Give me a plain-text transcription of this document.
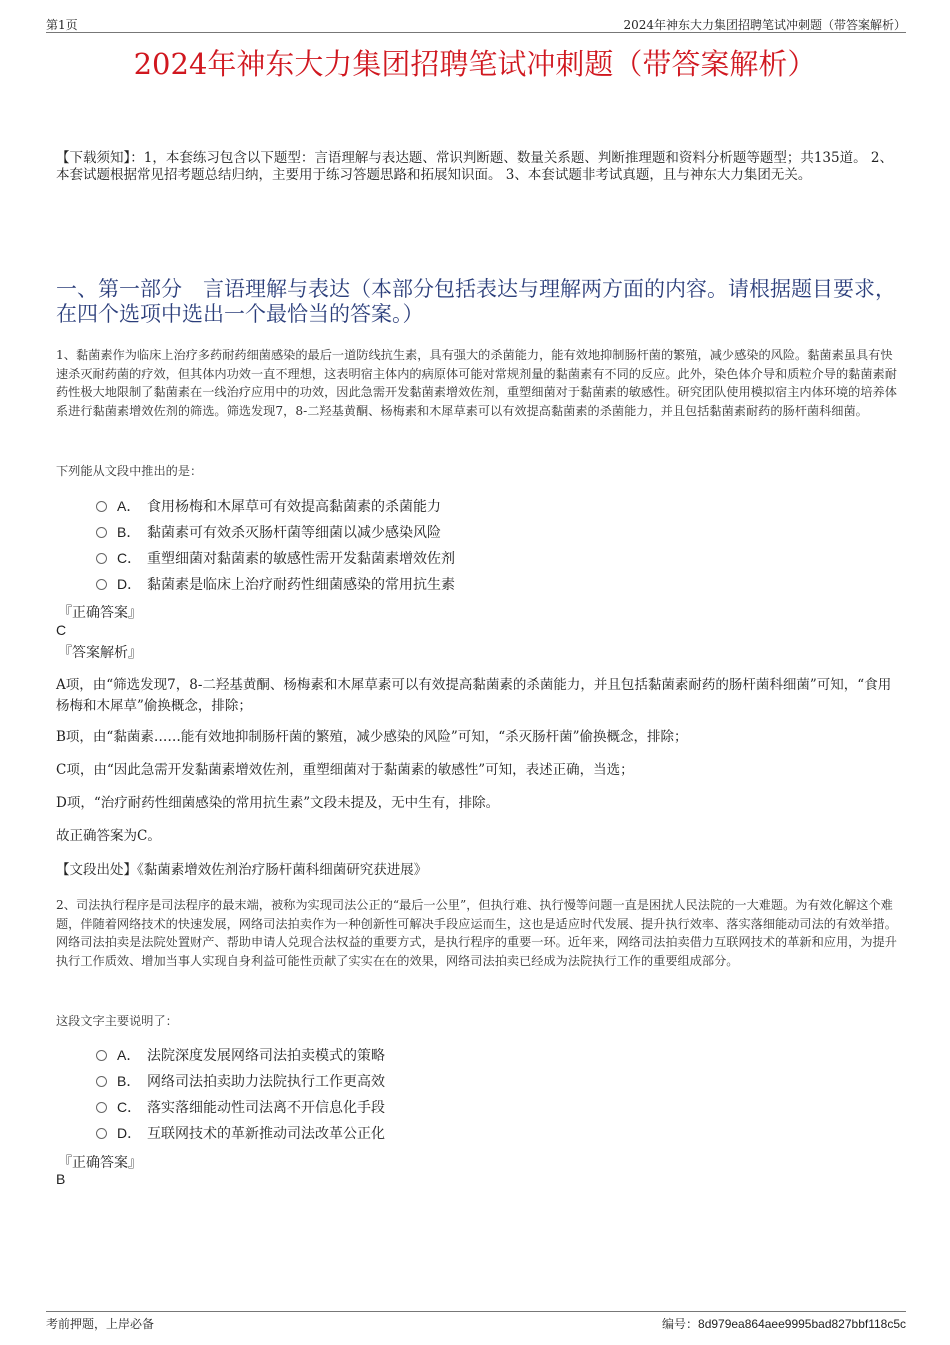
第1页	2024年神东大力集团招聘笔试冲刺题（带答案解析）
2024年神东大力集团招聘笔试冲刺题（带答案解析）
【下载须知】：1，本套练习包含以下题型：言语理解与表达题、常识判断题、数量关系题、判断推理题和资料分析题等题型；共135道。 2、本套试题根据常见招考题总结归纳，主要用于练习答题思路和拓展知识面。 3、本套试题非考试真题，且与神东大力集团无关。
一、第一部分　言语理解与表达（本部分包括表达与理解两方面的内容。请根据题目要求，在四个选项中选出一个最恰当的答案。）
1、黏菌素作为临床上治疗多药耐药细菌感染的最后一道防线抗生素，具有强大的杀菌能力，能有效地抑制肠杆菌的繁殖，减少感染的风险。黏菌素虽具有快速杀灭耐药菌的疗效，但其体内功效一直不理想，这表明宿主体内的病原体可能对常规剂量的黏菌素有不同的反应。此外，染色体介导和质粒介导的黏菌素耐药性极大地限制了黏菌素在一线治疗应用中的功效，因此急需开发黏菌素增效佐剂，重塑细菌对于黏菌素的敏感性。研究团队使用模拟宿主内体环境的培养体系进行黏菌素增效佐剂的筛选。筛选发现7，8-二羟基黄酮、杨梅素和木犀草素可以有效提高黏菌素的杀菌能力，并且包括黏菌素耐药的肠杆菌科细菌。
下列能从文段中推出的是：
A． 食用杨梅和木犀草可有效提高黏菌素的杀菌能力
B． 黏菌素可有效杀灭肠杆菌等细菌以减少感染风险
C． 重塑细菌对黏菌素的敏感性需开发黏菌素增效佐剂
D． 黏菌素是临床上治疗耐药性细菌感染的常用抗生素
『正确答案』
C
『答案解析』
A项，由“筛选发现7，8-二羟基黄酮、杨梅素和木犀草素可以有效提高黏菌素的杀菌能力，并且包括黏菌素耐药的肠杆菌科细菌”可知，“食用杨梅和木犀草”偷换概念，排除；
B项，由“黏菌素……能有效地抑制肠杆菌的繁殖，减少感染的风险”可知，“杀灭肠杆菌”偷换概念，排除；
C项，由“因此急需开发黏菌素增效佐剂，重塑细菌对于黏菌素的敏感性”可知，表述正确，当选；
D项，“治疗耐药性细菌感染的常用抗生素”文段未提及，无中生有，排除。
故正确答案为C。
【文段出处】《黏菌素增效佐剂治疗肠杆菌科细菌研究获进展》
2、司法执行程序是司法程序的最末端，被称为实现司法公正的“最后一公里”，但执行难、执行慢等问题一直是困扰人民法院的一大难题。为有效化解这个难题，伴随着网络技术的快速发展，网络司法拍卖作为一种创新性可解决手段应运而生，这也是适应时代发展、提升执行效率、落实落细能动司法的有效举措。网络司法拍卖是法院处置财产、帮助申请人兑现合法权益的重要方式，是执行程序的重要一环。近年来，网络司法拍卖借力互联网技术的革新和应用，为提升执行工作质效、增加当事人实现自身利益可能性贡献了实实在在的效果，网络司法拍卖已经成为法院执行工作的重要组成部分。
这段文字主要说明了：
A． 法院深度发展网络司法拍卖模式的策略
B． 网络司法拍卖助力法院执行工作更高效
C． 落实落细能动性司法离不开信息化手段
D． 互联网技术的革新推动司法改革公正化
『正确答案』
B
考前押题，上岸必备	编号：8d979ea864aee9995bad827bbf118c5c
